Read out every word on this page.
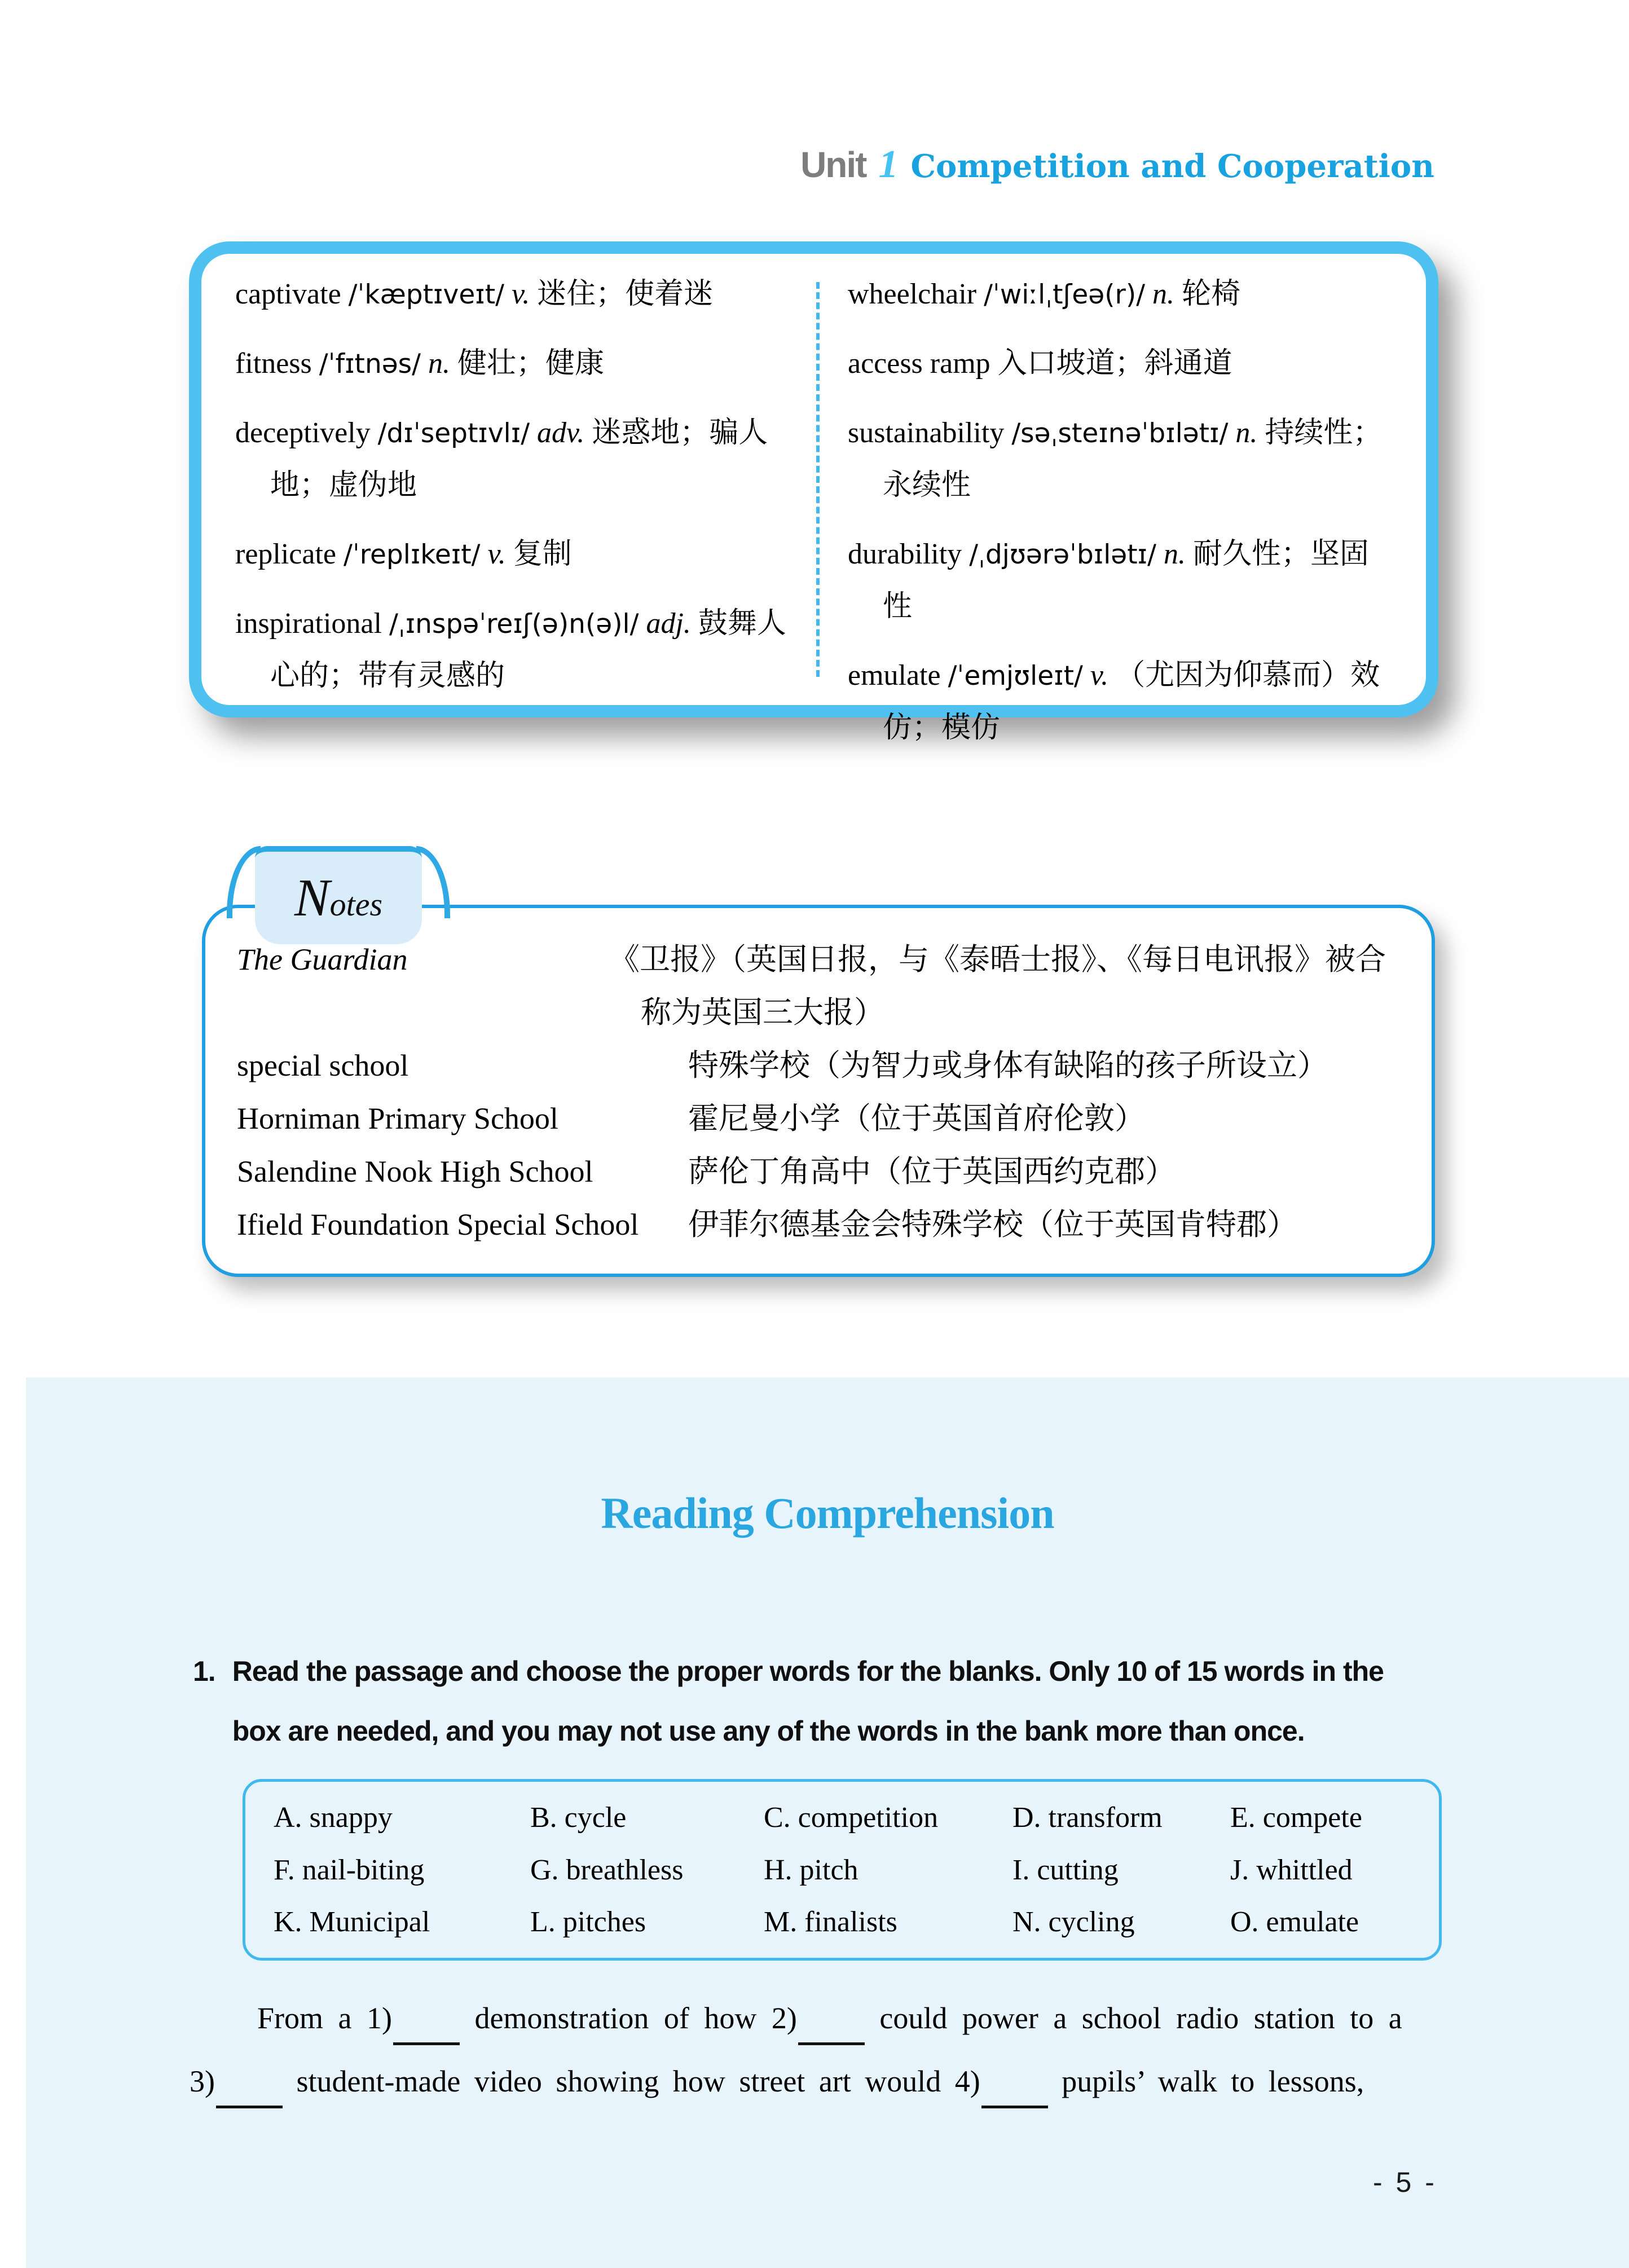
Unit 1 Competition and Cooperation
captivate /ˈkæptɪveɪt/ v. 迷住；使着迷
fitness /ˈfɪtnəs/ n. 健壮；健康
deceptively /dɪˈseptɪvlɪ/ adv. 迷惑地；骗人地；虚伪地
replicate /ˈreplɪkeɪt/ v. 复制
inspirational /ˌɪnspəˈreɪʃ(ə)n(ə)l/ adj. 鼓舞人心的；带有灵感的
wheelchair /ˈwiːlˌtʃeə(r)/ n. 轮椅
access ramp 入口坡道；斜通道
sustainability /səˌsteɪnəˈbɪlətɪ/ n. 持续性；永续性
durability /ˌdjʊərəˈbɪlətɪ/ n. 耐久性；坚固性
emulate /ˈemjʊleɪt/ v. （尤因为仰慕而）效仿；模仿
Notes
The Guardian	《卫报》（英国日报，与《泰晤士报》、《每日电讯报》被合称为英国三大报）
special school	特殊学校（为智力或身体有缺陷的孩子所设立）
Horniman Primary School	霍尼曼小学（位于英国首府伦敦）
Salendine Nook High School	萨伦丁角高中（位于英国西约克郡）
Ifield Foundation Special School	伊菲尔德基金会特殊学校（位于英国肯特郡）
Reading Comprehension
1. Read the passage and choose the proper words for the blanks. Only 10 of 15 words in the
box are needed, and you may not use any of the words in the bank more than once.
A. snappy	B. cycle	C. competition	D. transform	E. compete
F. nail-biting	G. breathless	H. pitch	I. cutting	J. whittled
K. Municipal	L. pitches	M. finalists	N. cycling	O. emulate
From a 1)	demonstration of how 2)	could power a school radio station to a
3)	student-made video showing how street art would 4)	pupils’ walk to lessons,
- 5 -
